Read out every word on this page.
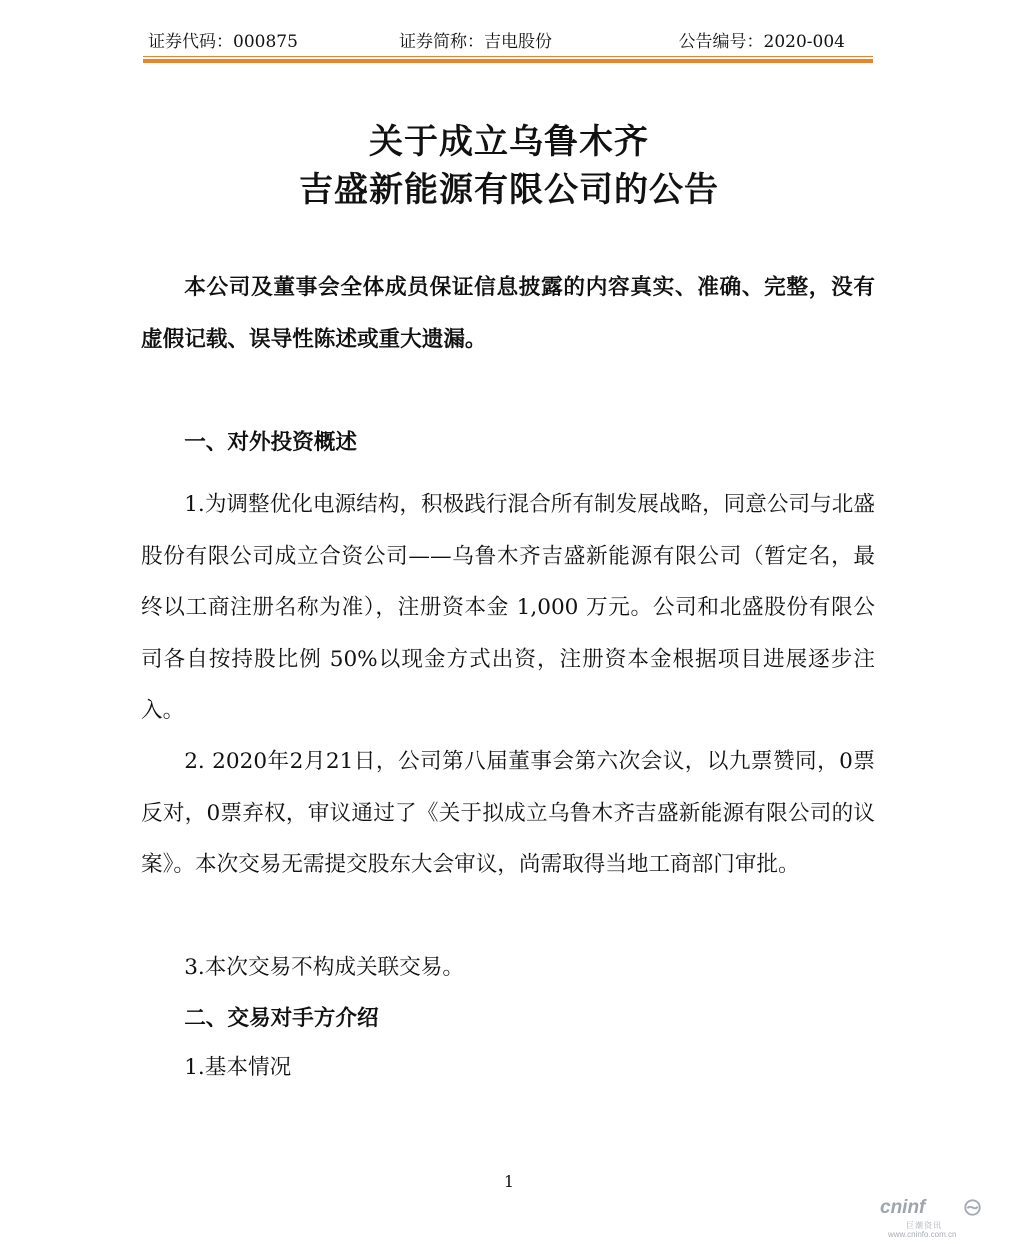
证券代码：000875	证券简称：吉电股份	公告编号：2020-004
关于成立乌鲁木齐
吉盛新能源有限公司的公告

本公司及董事会全体成员保证信息披露的内容真实、准确、完整，没有虚假记载、误导性陈述或重大遗漏。

一、对外投资概述

1.为调整优化电源结构，积极践行混合所有制发展战略，同意公司与北盛股份有限公司成立合资公司——乌鲁木齐吉盛新能源有限公司（暂定名，最终以工商注册名称为准），注册资本金 1,000 万元。公司和北盛股份有限公司各自按持股比例 50%以现金方式出资，注册资本金根据项目进展逐步注入。

2. 2020年2月21日，公司第八届董事会第六次会议，以九票赞同，0票反对，0票弃权，审议通过了《关于拟成立乌鲁木齐吉盛新能源有限公司的议案》。本次交易无需提交股东大会审议，尚需取得当地工商部门审批。

3.本次交易不构成关联交易。

二、交易对手方介绍

1.基本情况

1
cninf
巨潮资讯
www.cninfo.com.cn
